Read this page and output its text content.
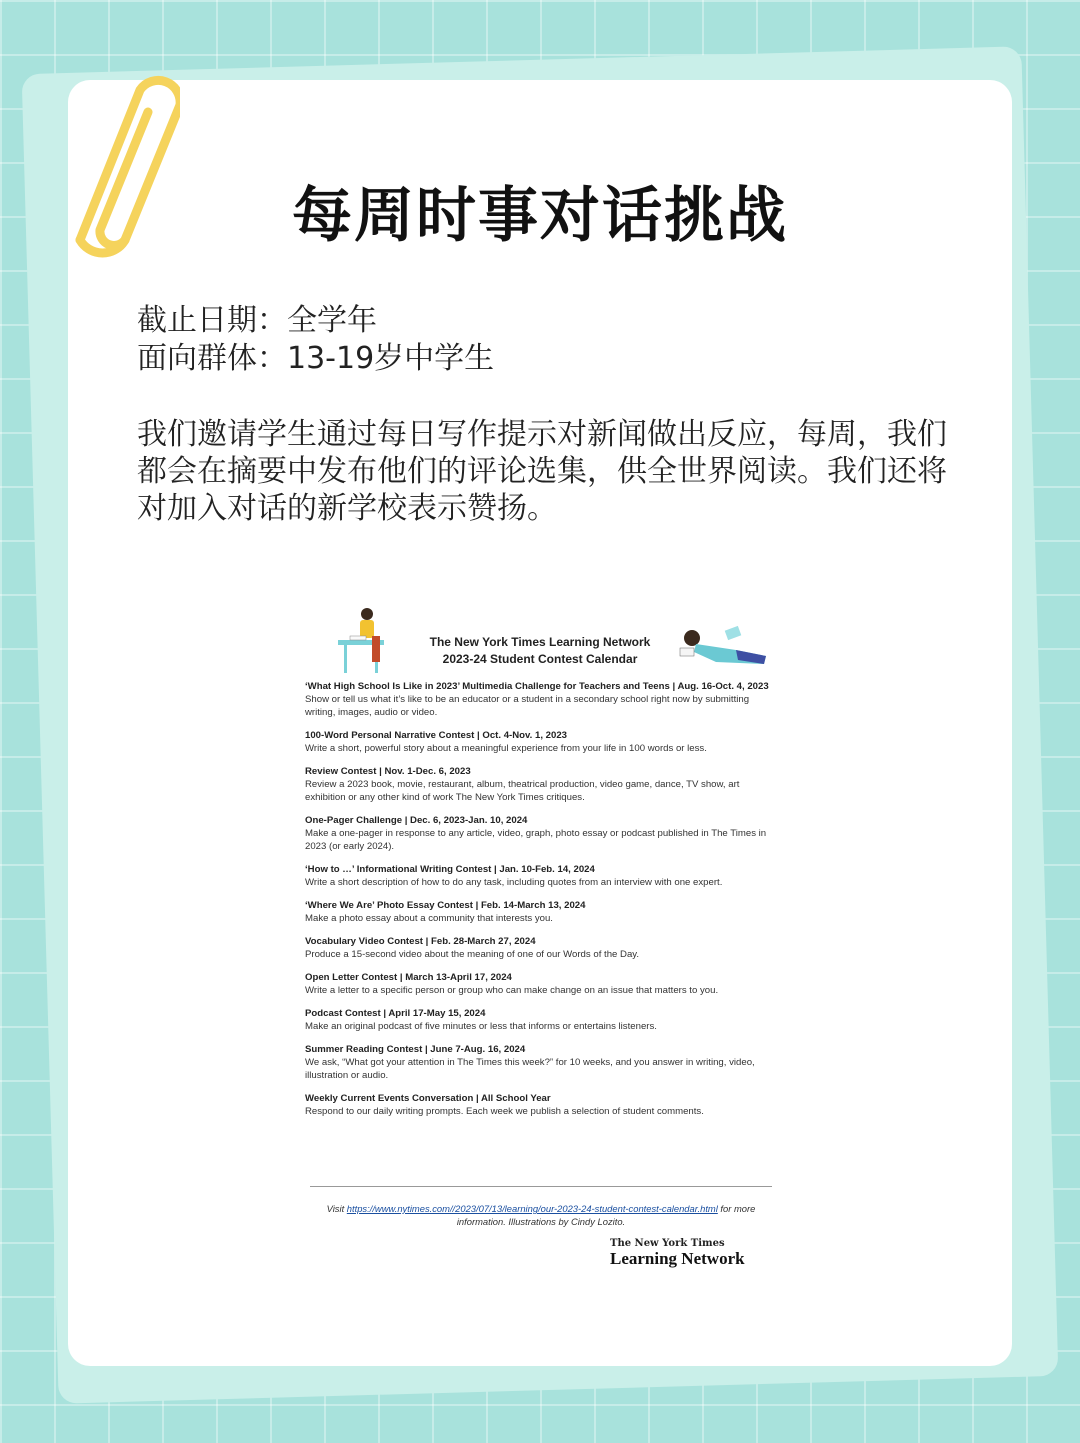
每周时事对话挑战
截止日期：全学年
面向群体：13-19岁中学生
我们邀请学生通过每日写作提示对新闻做出反应，每周，我们都会在摘要中发布他们的评论选集，供全世界阅读。我们还将对加入对话的新学校表示赞扬。
The New York Times Learning Network
2023-24 Student Contest Calendar
‘What High School Is Like in 2023’ Multimedia Challenge for Teachers and Teens | Aug. 16-Oct. 4, 2023
Show or tell us what it’s like to be an educator or a student in a secondary school right now by submitting writing, images, audio or video.
100-Word Personal Narrative Contest | Oct. 4-Nov. 1, 2023
Write a short, powerful story about a meaningful experience from your life in 100 words or less.
Review Contest | Nov. 1-Dec. 6, 2023
Review a 2023 book, movie, restaurant, album, theatrical production, video game, dance, TV show, art exhibition or any other kind of work The New York Times critiques.
One-Pager Challenge | Dec. 6, 2023-Jan. 10, 2024
Make a one-pager in response to any article, video, graph, photo essay or podcast published in The Times in 2023 (or early 2024).
‘How to …’ Informational Writing Contest | Jan. 10-Feb. 14, 2024
Write a short description of how to do any task, including quotes from an interview with one expert.
‘Where We Are’ Photo Essay Contest | Feb. 14-March 13, 2024
Make a photo essay about a community that interests you.
Vocabulary Video Contest | Feb. 28-March 27, 2024
Produce a 15-second video about the meaning of one of our Words of the Day.
Open Letter Contest | March 13-April 17, 2024
Write a letter to a specific person or group who can make change on an issue that matters to you.
Podcast Contest | April 17-May 15, 2024
Make an original podcast of five minutes or less that informs or entertains listeners.
Summer Reading Contest | June 7-Aug. 16, 2024
We ask, “What got your attention in The Times this week?” for 10 weeks, and you answer in writing, video, illustration or audio.
Weekly Current Events Conversation | All School Year
Respond to our daily writing prompts. Each week we publish a selection of student comments.
Visit https://www.nytimes.com//2023/07/13/learning/our-2023-24-student-contest-calendar.html for more information. Illustrations by Cindy Lozito.
The New York Times
Learning Network
